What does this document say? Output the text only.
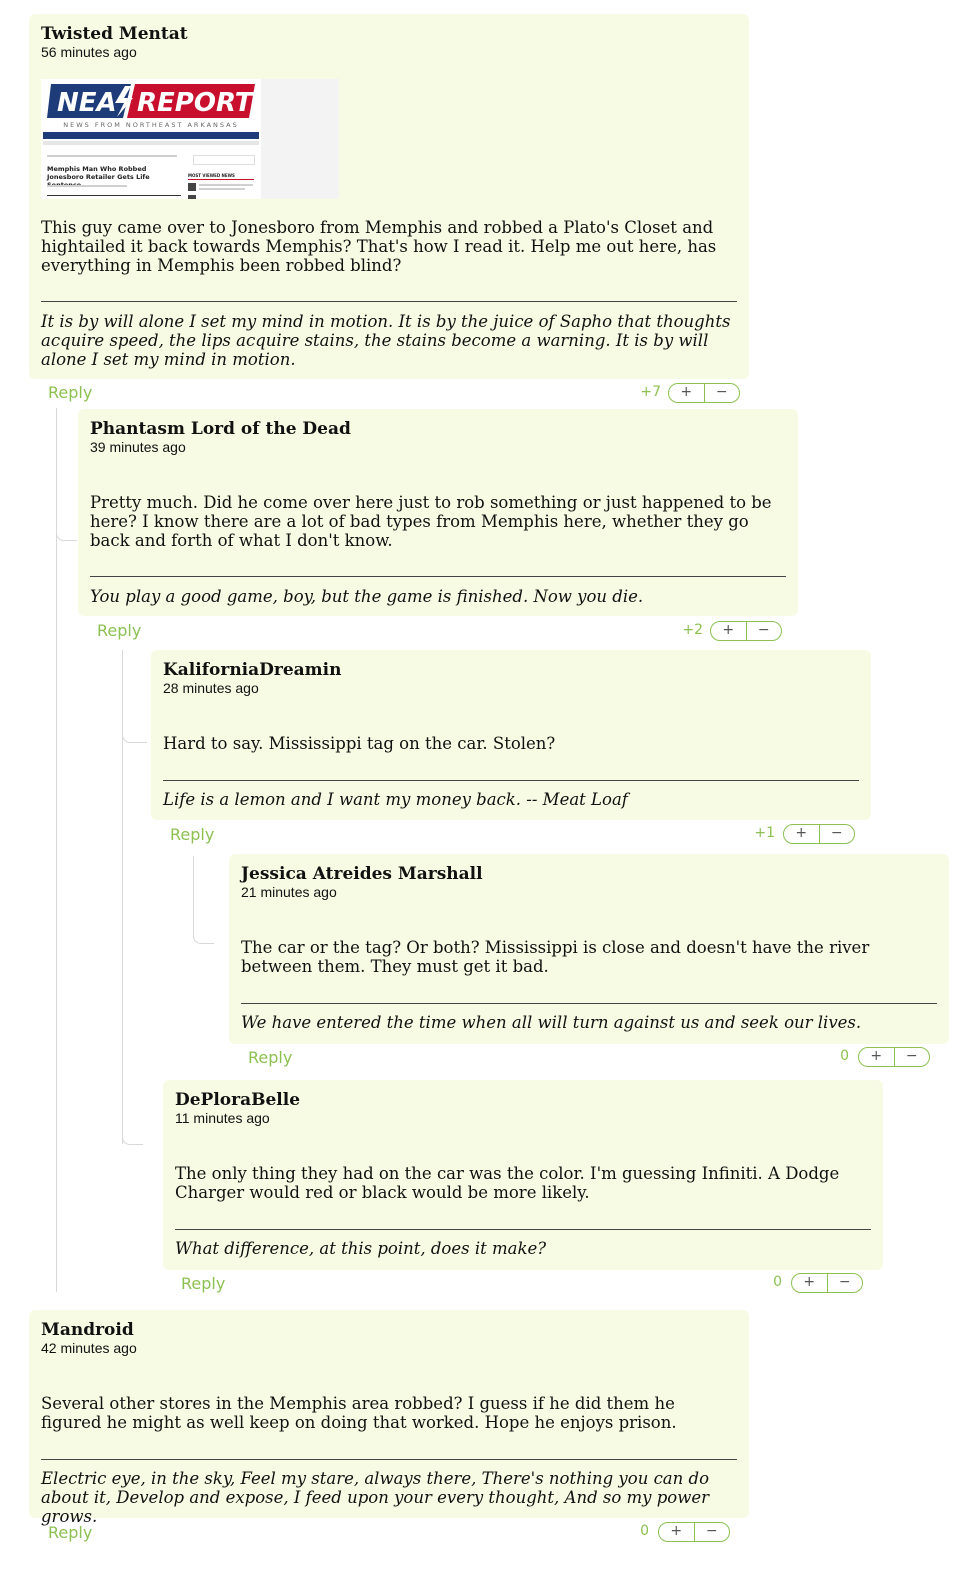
Twisted Mentat

56 minutes ago

NEA REPORT
NEWS FROM NORTHEAST ARKANSAS
Memphis Man Who Robbed Jonesboro Retailer Gets Life	MOST VIEWED NEWS

This guy came over to Jonesboro from Memphis and robbed a Plato's Closet and hightailed it back towards Memphis? That's how I read it. Help me out here, has everything in Memphis been robbed blind?

It is by will alone I set my mind in motion. It is by the juice of Sapho that thoughts acquire speed, the lips acquire stains, the stains become a warning. It is by will alone I set my mind in motion.

Reply	+7	+	−

Phantasm Lord of the Dead

39 minutes ago

Pretty much. Did he come over here just to rob something or just happened to be here? I know there are a lot of bad types from Memphis here, whether they go back and forth of what I don't know.

You play a good game, boy, but the game is finished. Now you die.

Reply	+2	+	−

KaliforniaDreamin

28 minutes ago

Hard to say. Mississippi tag on the car. Stolen?

Life is a lemon and I want my money back. -- Meat Loaf

Reply	+1	+	−

Jessica Atreides Marshall

21 minutes ago

The car or the tag? Or both? Mississippi is close and doesn't have the river between them. They must get it bad.

We have entered the time when all will turn against us and seek our lives.

Reply	0	+	−

DePloraBelle

11 minutes ago

The only thing they had on the car was the color. I'm guessing Infiniti. A Dodge Charger would red or black would be more likely.

What difference, at this point, does it make?

Reply	0	+	−

Mandroid

42 minutes ago

Several other stores in the Memphis area robbed? I guess if he did them he figured he might as well keep on doing that worked. Hope he enjoys prison.

Electric eye, in the sky, Feel my stare, always there, There's nothing you can do about it, Develop and expose, I feed upon your every thought, And so my power grows.

Reply	0	+	−
